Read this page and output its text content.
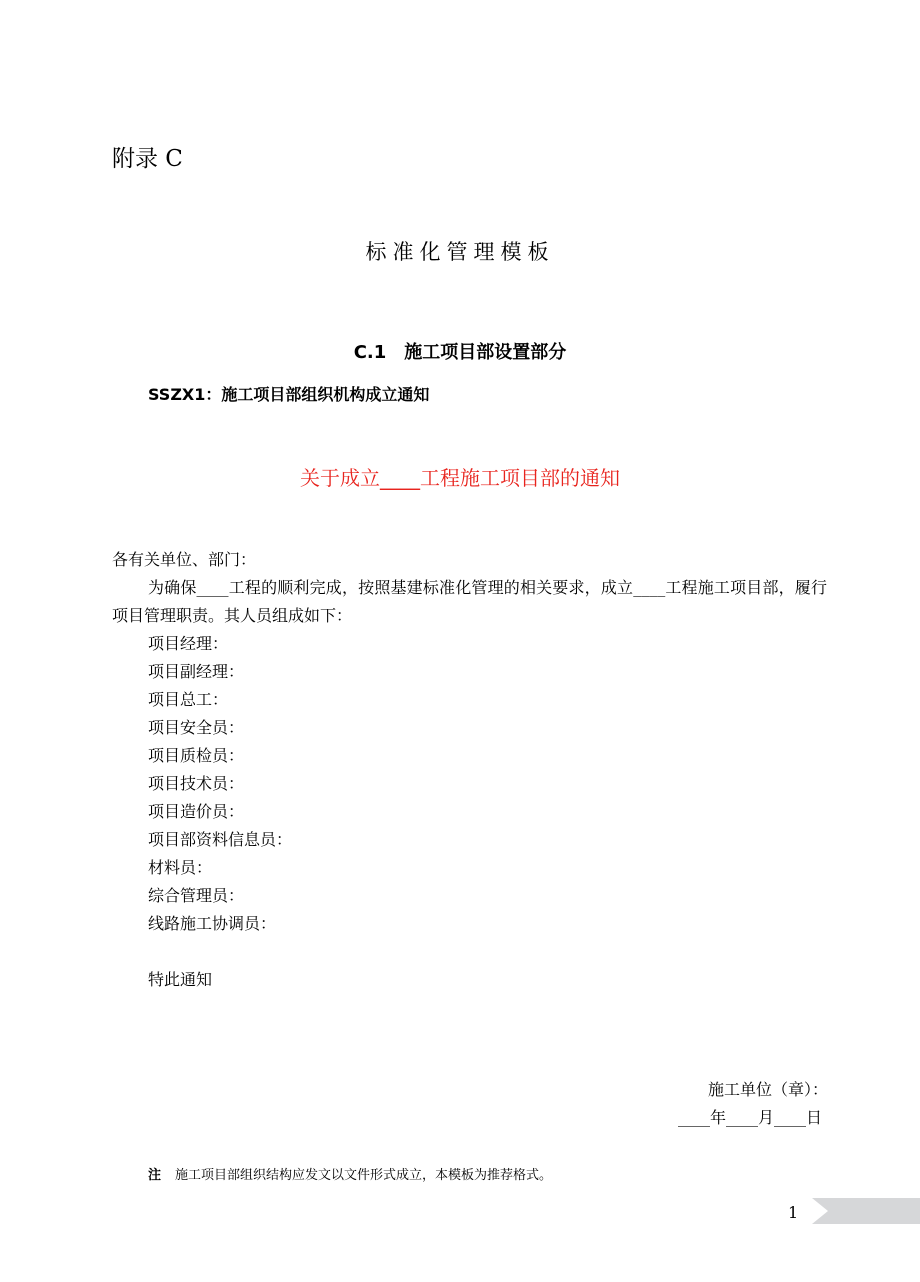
附录 C
标准化管理模板
C.1 施工项目部设置部分
SSZX1：施工项目部组织机构成立通知
关于成立____工程施工项目部的通知
各有关单位、部门：
为确保____工程的顺利完成，按照基建标准化管理的相关要求，成立____工程施工项目部，履行项目管理职责。其人员组成如下：
项目经理：
项目副经理：
项目总工：
项目安全员：
项目质检员：
项目技术员：
项目造价员：
项目部资料信息员：
材料员：
综合管理员：
线路施工协调员：
特此通知
施工单位（章）：
____年____月____日
注 施工项目部组织结构应发文以文件形式成立，本模板为推荐格式。
1
